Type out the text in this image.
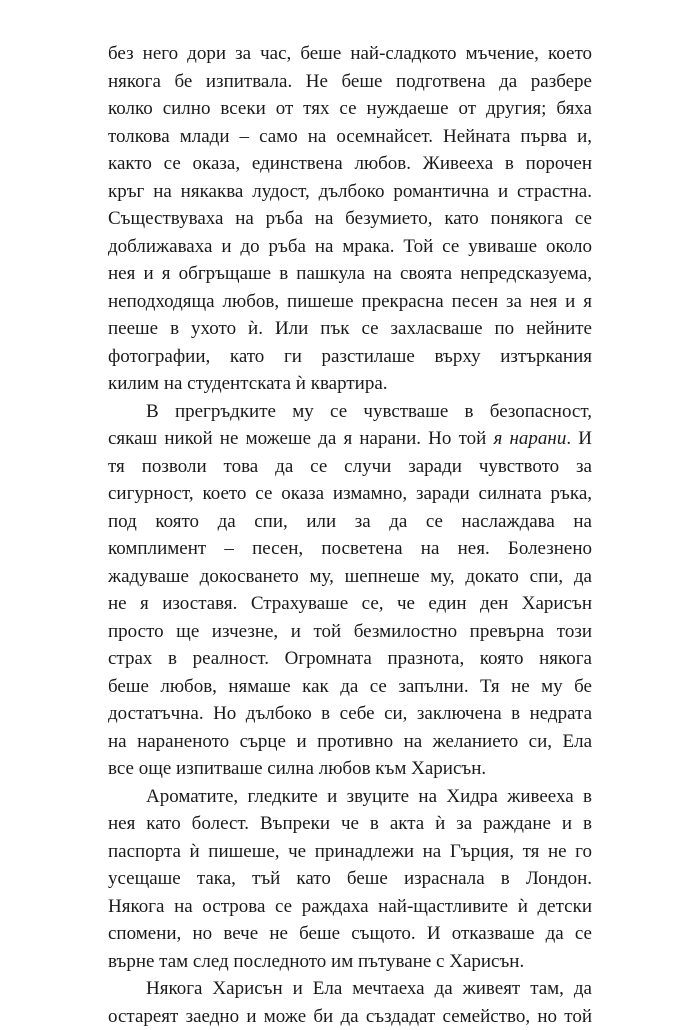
без него дори за час, беше най-сладкото мъчение, което
някога бе изпитвала. Не беше подготвена да разбере
колко силно всеки от тях се нуждаеше от другия; бяха
толкова млади – само на осемнайсет. Нейната първа и,
както се оказа, единствена любов. Живееха в порочен
кръг на някаква лудост, дълбоко романтична и страстна.
Съществуваха на ръба на безумието, като понякога се
доближаваха и до ръба на мрака. Той се увиваше около
нея и я обгръщаше в пашкула на своята непредсказуема,
неподходяща любов, пишеше прекрасна песен за нея и я
пееше в ухото ѝ. Или пък се захласваше по нейните
фотографии, като ги разстилаше върху изтъркания
килим на студентската ѝ квартира.

В прегръдките му се чувстваше в безопасност,
сякаш никой не можеше да я нарани. Но той я нарани. И
тя позволи това да се случи заради чувството за
сигурност, което се оказа измамно, заради силната ръка,
под която да спи, или за да се наслаждава на
комплимент – песен, посветена на нея. Болезнено
жадуваше докосването му, шепнеше му, докато спи, да
не я изоставя. Страхуваше се, че един ден Харисън
просто ще изчезне, и той безмилостно превърна този
страх в реалност. Огромната празнота, която някога
беше любов, нямаше как да се запълни. Тя не му бе
достатъчна. Но дълбоко в себе си, заключена в недрата
на нараненото сърце и противно на желанието си, Ела
все още изпитваше силна любов към Харисън.

Ароматите, гледките и звуците на Хидра живееха в
нея като болест. Въпреки че в акта ѝ за раждане и в
паспорта ѝ пишеше, че принадлежи на Гърция, тя не го
усещаше така, тъй като беше израснала в Лондон.
Някога на острова се раждаха най-щастливите ѝ детски
спомени, но вече не беше същото. И отказваше да се
върне там след последното им пътуване с Харисън.

Някога Харисън и Ела мечтаеха да живеят там, да
остареят заедно и може би да създадат семейство, но той
